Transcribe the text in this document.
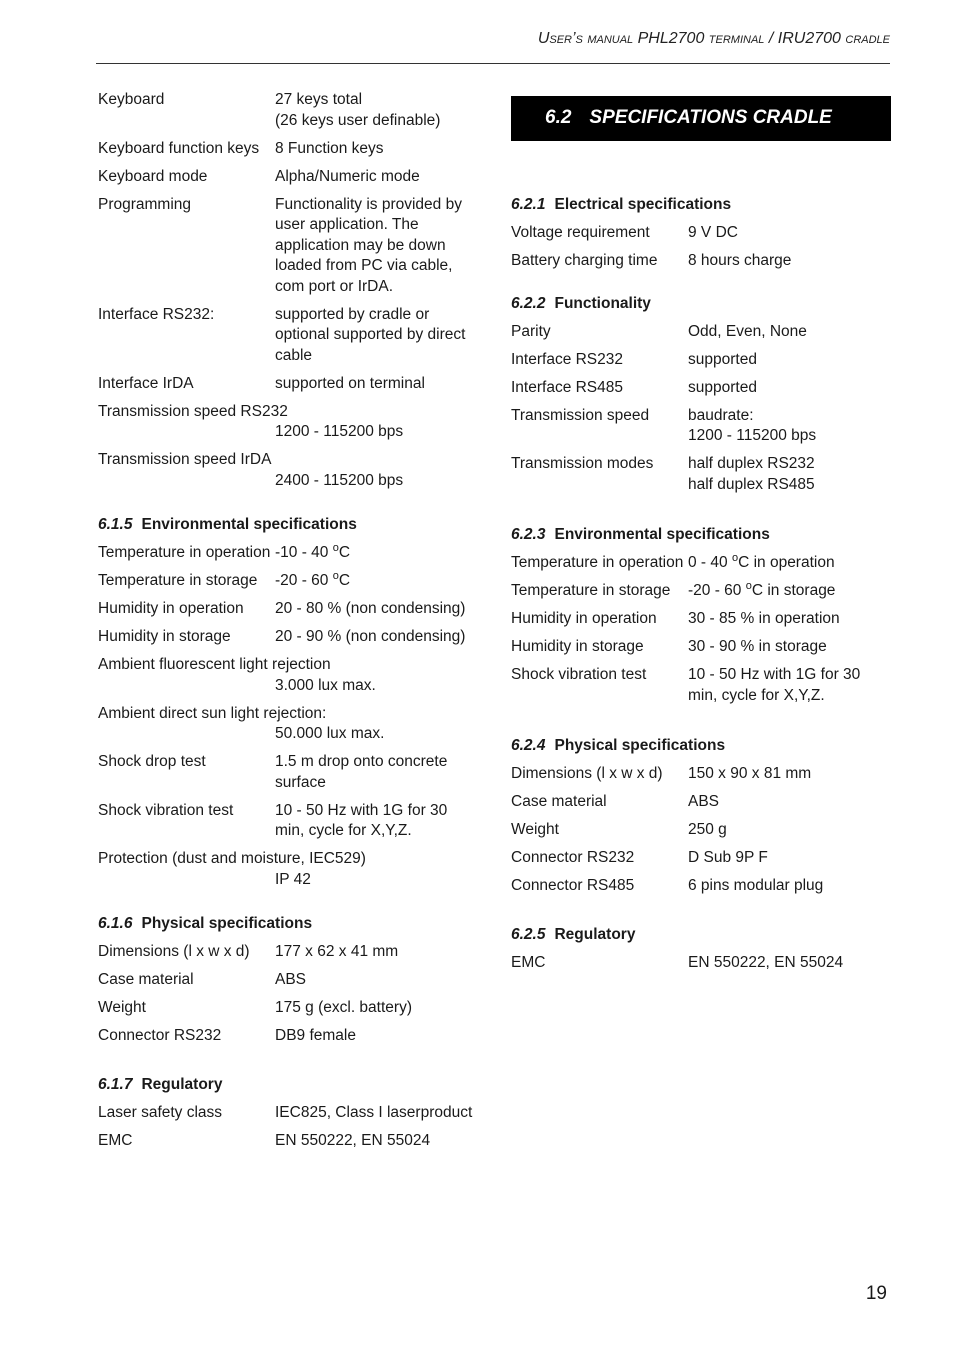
User’s manual PHL2700 terminal / IRU2700 cradle
Keyboard	27 keys total
(26 keys user definable)
Keyboard function keys	8 Function keys
Keyboard mode	Alpha/Numeric mode
Programming	Functionality is provided by
user application. The
application may be down
loaded from PC via cable,
com port or IrDA.
Interface RS232:	supported by cradle or
optional supported by direct
cable
Interface IrDA	supported on terminal
Transmission speed RS232
1200 - 115200 bps
Transmission speed IrDA
2400 - 115200 bps
6.1.5 Environmental specifications
Temperature in operation -10 - 40 $^o$C
Temperature in storage	-20 - 60 $^o$C
Humidity in operation	20 - 80 % (non condensing)
Humidity in storage	20 - 90 % (non condensing)
Ambient fluorescent light rejection
3.000 lux max.
Ambient direct sun light rejection:
50.000 lux max.
Shock drop test	1.5 m drop onto concrete
surface
Shock vibration test	10 - 50 Hz with 1G for 30
min, cycle for X,Y,Z.
Protection (dust and moisture, IEC529)
IP 42
6.1.6 Physical specifications
Dimensions (l x w x d)	177 x 62 x 41 mm
Case material	ABS
Weight	175 g (excl. battery)
Connector RS232	DB9 female
6.1.7 Regulatory
Laser safety class	IEC825, Class I laserproduct
EMC	EN 550222, EN 55024
6.2 SPECIFICATIONS CRADLE
6.2.1 Electrical specifications
Voltage requirement	9 V DC
Battery charging time	8 hours charge
6.2.2 Functionality
Parity	Odd, Even, None
Interface RS232	supported
Interface RS485	supported
Transmission speed	baudrate:
1200 - 115200 bps
Transmission modes	half duplex RS232
half duplex RS485
6.2.3 Environmental specifications
Temperature in operation 0 - 40 $^o$C in operation
Temperature in storage	-20 - 60 $^o$C in storage
Humidity in operation	30 - 85 % in operation
Humidity in storage	30 - 90 % in storage
Shock vibration test	10 - 50 Hz with 1G for 30
min, cycle for X,Y,Z.
6.2.4 Physical specifications
Dimensions (l x w x d)	150 x 90 x 81 mm
Case material	ABS
Weight	250 g
Connector RS232	D Sub 9P F
Connector RS485	6 pins modular plug
6.2.5 Regulatory
EMC	EN 550222, EN 55024
19
